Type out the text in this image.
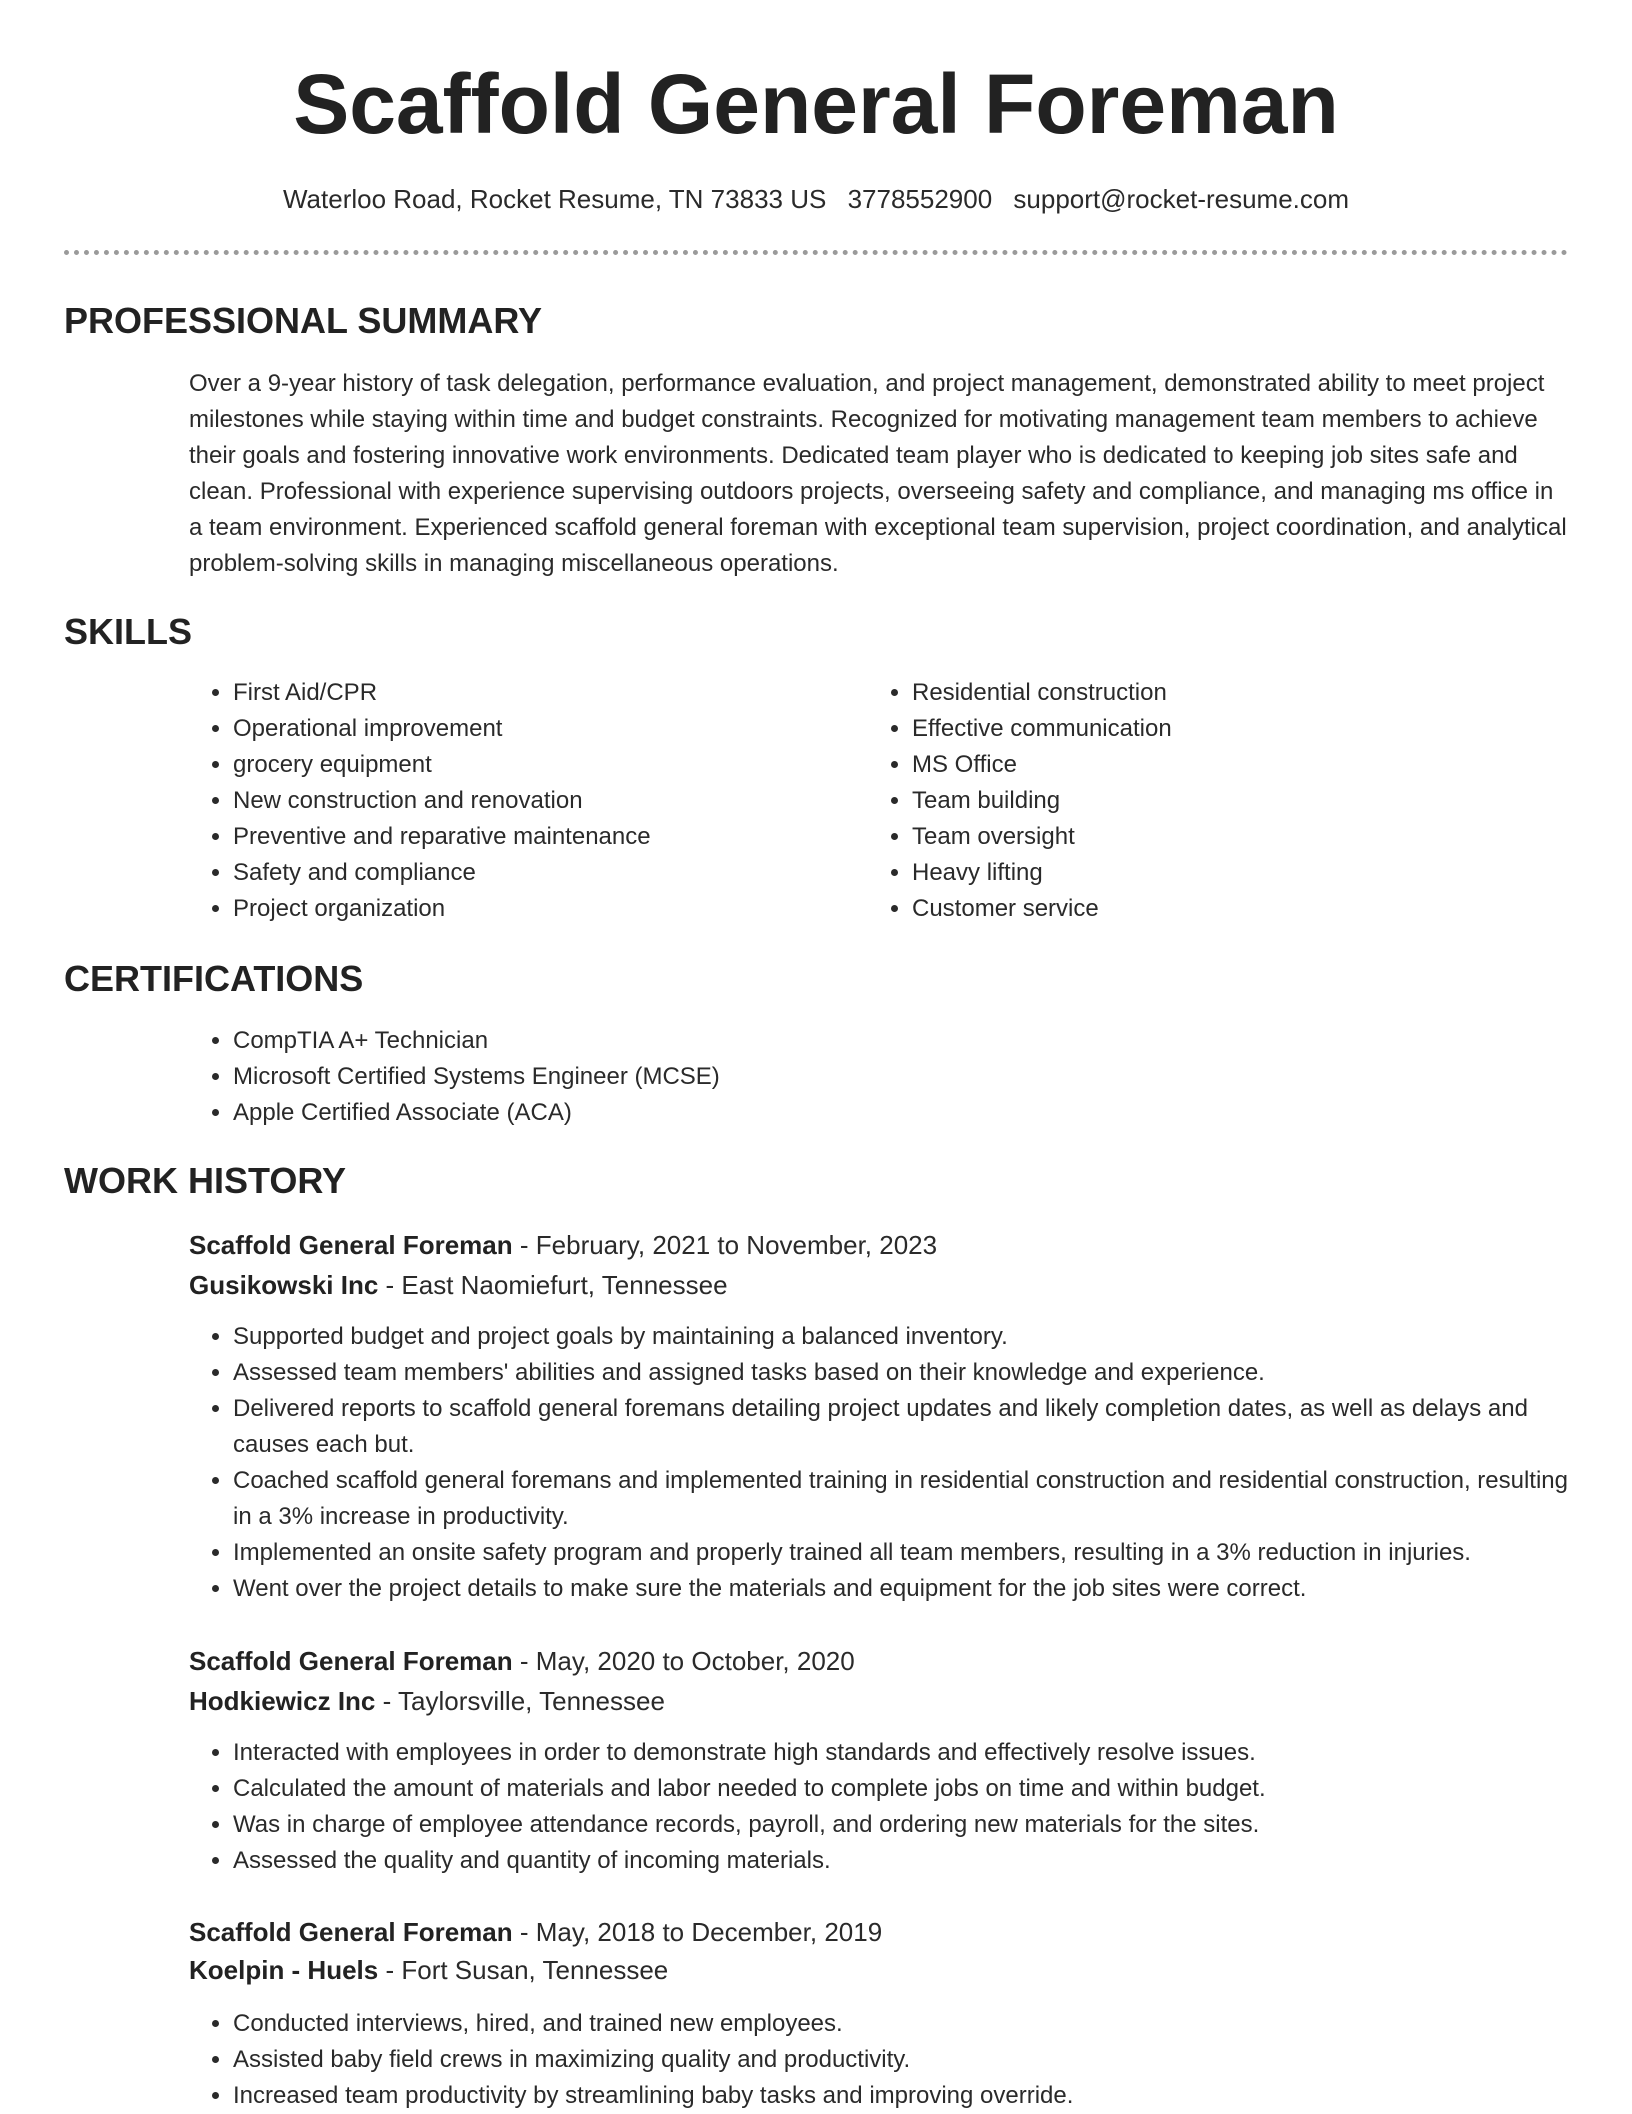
Scaffold General Foreman
Waterloo Road, Rocket Resume, TN 73833 US 3778552900 support@rocket-resume.com
PROFESSIONAL SUMMARY

Over a 9-year history of task delegation, performance evaluation, and project management, demonstrated ability to meet project milestones while staying within time and budget constraints. Recognized for motivating management team members to achieve their goals and fostering innovative work environments. Dedicated team player who is dedicated to keeping job sites safe and clean. Professional with experience supervising outdoors projects, overseeing safety and compliance, and managing ms office in a team environment. Experienced scaffold general foreman with exceptional team supervision, project coordination, and analytical problem-solving skills in managing miscellaneous operations.

SKILLS
• First Aid/CPR
• Operational improvement
• grocery equipment
• New construction and renovation
• Preventive and reparative maintenance
• Safety and compliance
• Project organization
• Residential construction
• Effective communication
• MS Office
• Team building
• Team oversight
• Heavy lifting
• Customer service
CERTIFICATIONS
• CompTIA A+ Technician
• Microsoft Certified Systems Engineer (MCSE)
• Apple Certified Associate (ACA)
WORK HISTORY
Scaffold General Foreman - February, 2021 to November, 2023
Gusikowski Inc - East Naomiefurt, Tennessee
• Supported budget and project goals by maintaining a balanced inventory.
• Assessed team members' abilities and assigned tasks based on their knowledge and experience.
• Delivered reports to scaffold general foremans detailing project updates and likely completion dates, as well as delays and causes each but.
• Coached scaffold general foremans and implemented training in residential construction and residential construction, resulting in a 3% increase in productivity.
• Implemented an onsite safety program and properly trained all team members, resulting in a 3% reduction in injuries.
• Went over the project details to make sure the materials and equipment for the job sites were correct.
Scaffold General Foreman - May, 2020 to October, 2020
Hodkiewicz Inc - Taylorsville, Tennessee
• Interacted with employees in order to demonstrate high standards and effectively resolve issues.
• Calculated the amount of materials and labor needed to complete jobs on time and within budget.
• Was in charge of employee attendance records, payroll, and ordering new materials for the sites.
• Assessed the quality and quantity of incoming materials.
Scaffold General Foreman - May, 2018 to December, 2019
Koelpin - Huels - Fort Susan, Tennessee
• Conducted interviews, hired, and trained new employees.
• Assisted baby field crews in maximizing quality and productivity.
• Increased team productivity by streamlining baby tasks and improving override.
